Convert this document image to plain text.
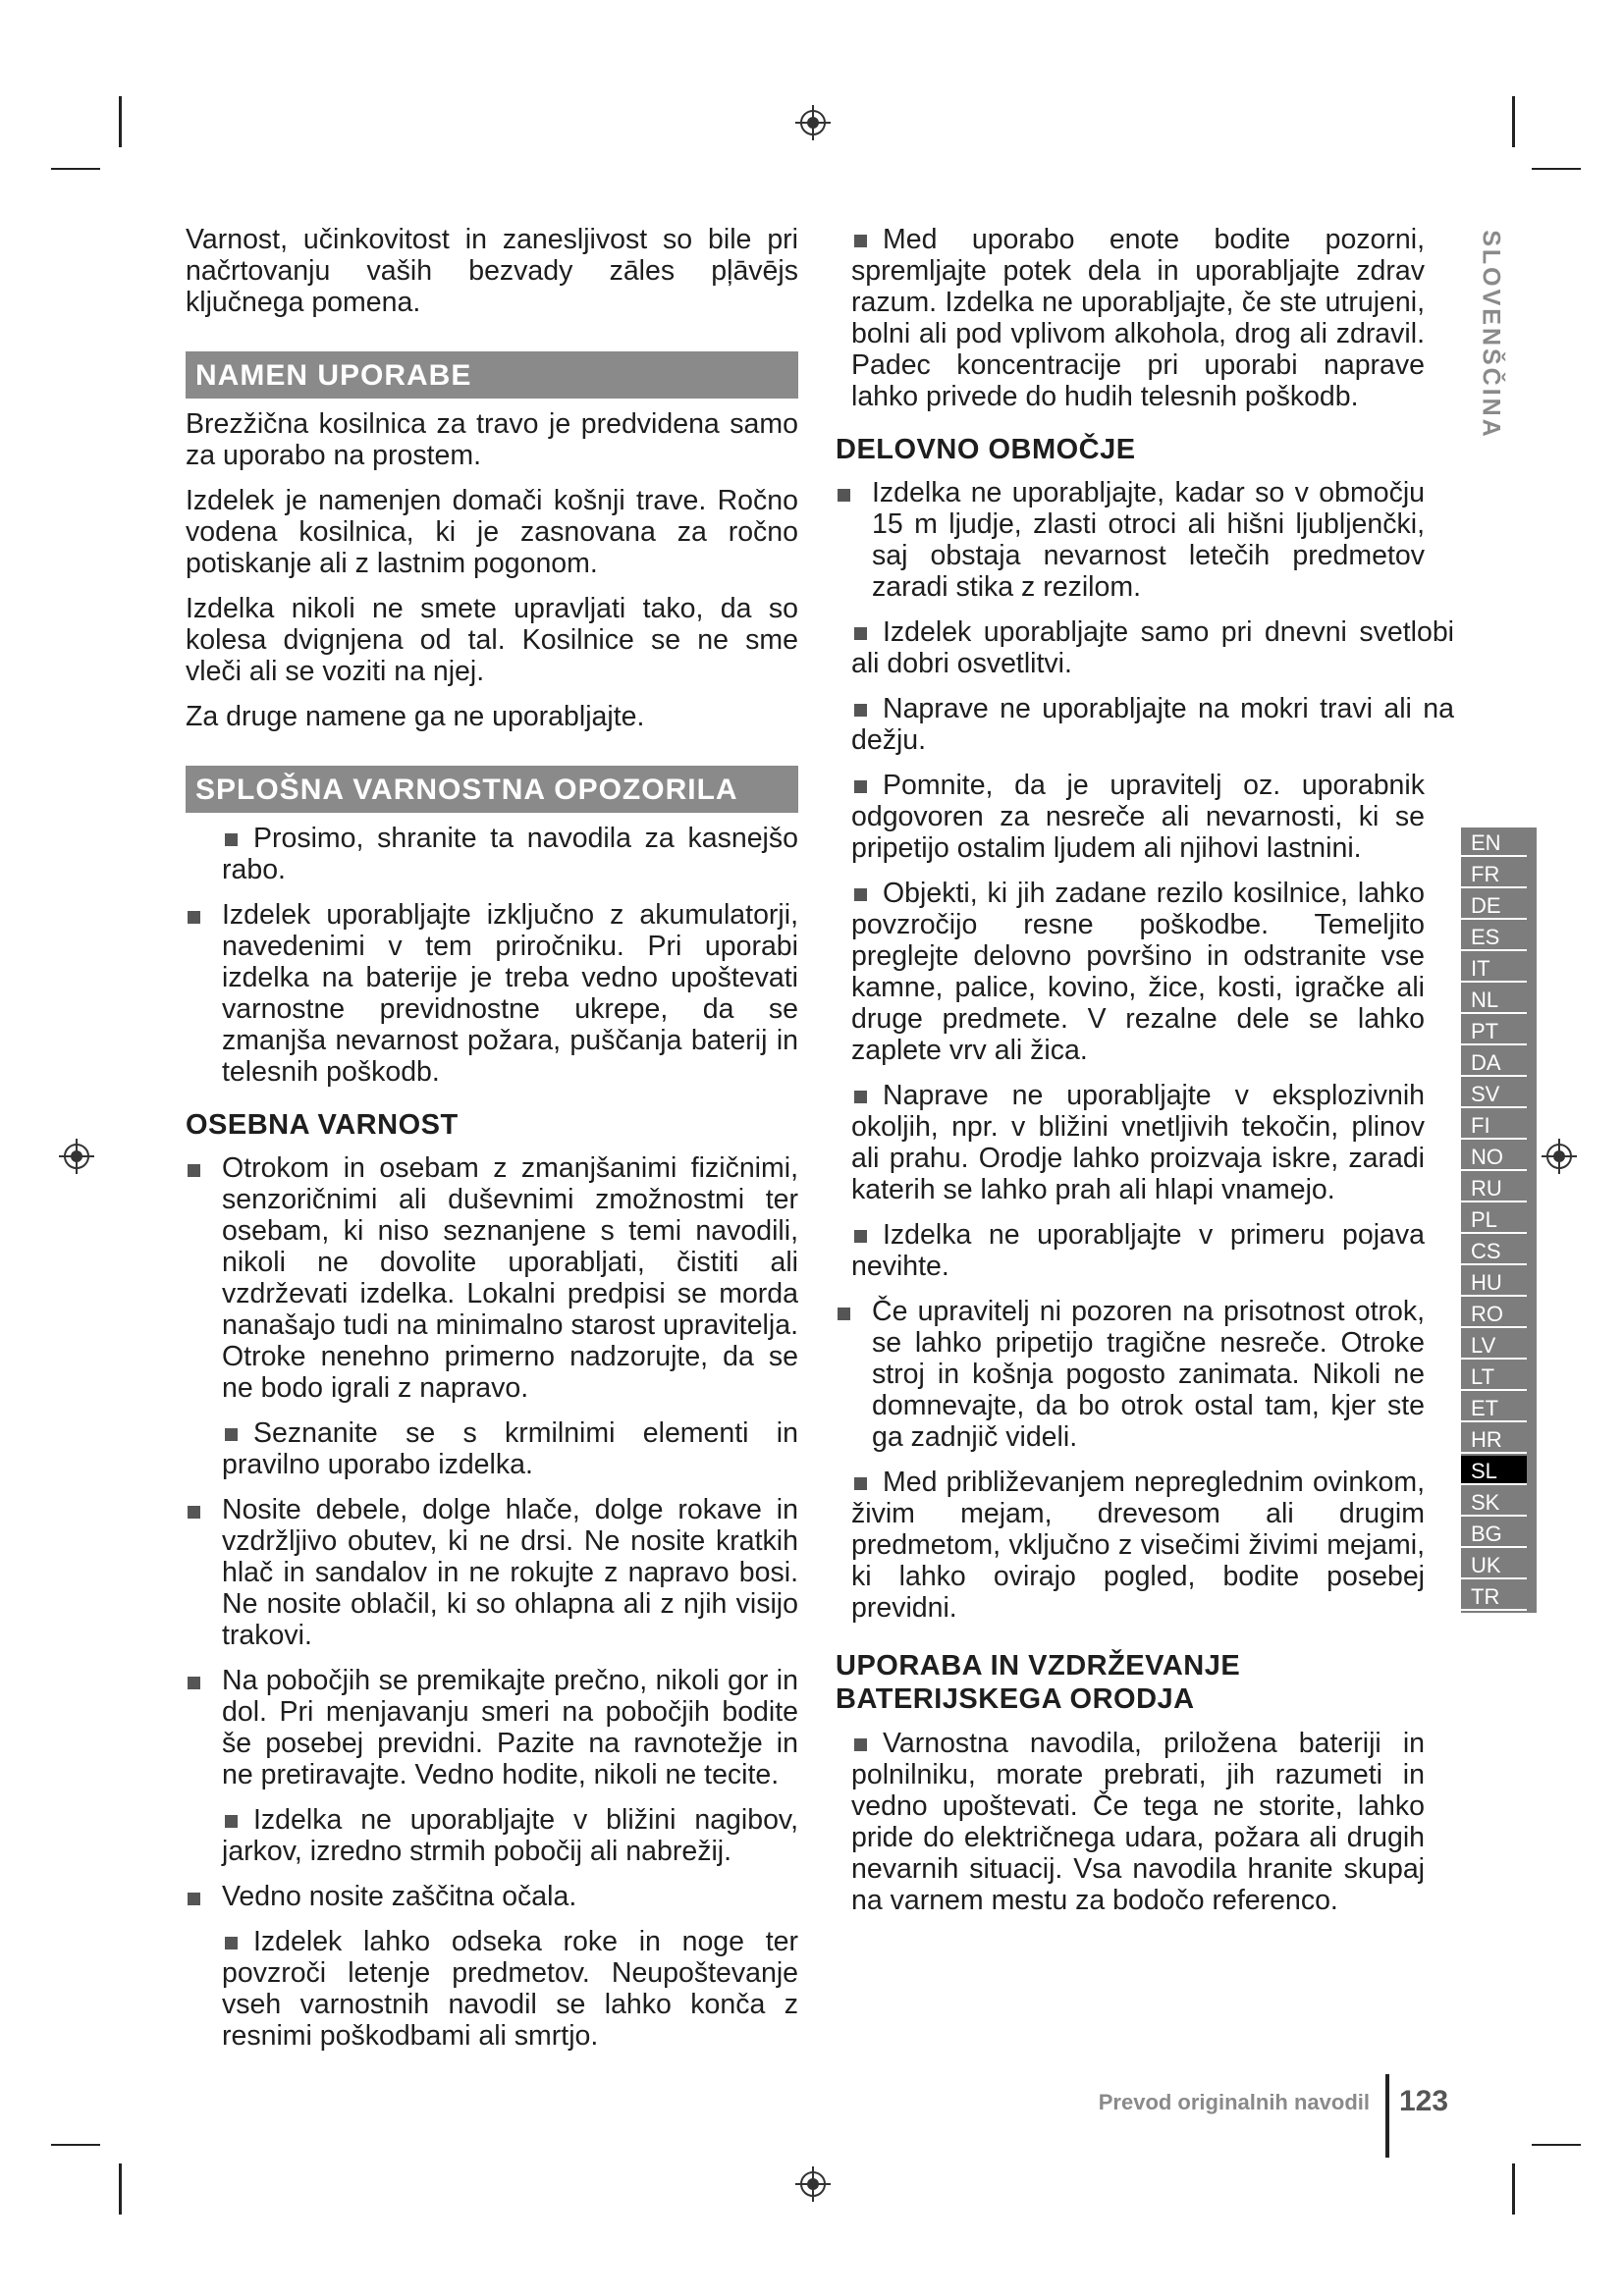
SLOVENŠČINA

Varnost, učinkovitost in zanesljivost so bile pri načrtovanju vaših bezvady zāles pļāvējs ključnega pomena.

NAMEN UPORABE

Brezžična kosilnica za travo je predvidena samo za uporabo na prostem.

Izdelek je namenjen domači košnji trave. Ročno vodena kosilnica, ki je zasnovana za ročno potiskanje ali z lastnim pogonom.

Izdelka nikoli ne smete upravljati tako, da so kolesa dvignjena od tal. Kosilnice se ne sme vleči ali se voziti na njej.

Za druge namene ga ne uporabljajte.

SPLOŠNA VARNOSTNA OPOZORILA
Prosimo, shranite ta navodila za kasnejšo rabo.
Izdelek uporabljajte izključno z akumulatorji, navedenimi v tem priročniku. Pri uporabi izdelka na baterije je treba vedno upoštevati varnostne previdnostne ukrepe, da se zmanjša nevarnost požara, puščanja baterij in telesnih poškodb.
OSEBNA VARNOST
Otrokom in osebam z zmanjšanimi fizičnimi, senzoričnimi ali duševnimi zmožnostmi ter osebam, ki niso seznanjene s temi navodili, nikoli ne dovolite uporabljati, čistiti ali vzdrževati izdelka. Lokalni predpisi se morda nanašajo tudi na minimalno starost upravitelja. Otroke nenehno primerno nadzorujte, da se ne bodo igrali z napravo.
Seznanite se s krmilnimi elementi in pravilno uporabo izdelka.
Nosite debele, dolge hlače, dolge rokave in vzdržljivo obutev, ki ne drsi. Ne nosite kratkih hlač in sandalov in ne rokujte z napravo bosi. Ne nosite oblačil, ki so ohlapna ali z njih visijo trakovi.
Na pobočjih se premikajte prečno, nikoli gor in dol. Pri menjavanju smeri na pobočjih bodite še posebej previdni. Pazite na ravnotežje in ne pretiravajte. Vedno hodite, nikoli ne tecite.
Izdelka ne uporabljajte v bližini nagibov, jarkov, izredno strmih pobočij ali nabrežij.
Vedno nosite zaščitna očala.
Izdelek lahko odseka roke in noge ter povzroči letenje predmetov. Neupoštevanje vseh varnostnih navodil se lahko konča z resnimi poškodbami ali smrtjo.
Med uporabo enote bodite pozorni, spremljajte potek dela in uporabljajte zdrav razum. Izdelka ne uporabljajte, če ste utrujeni, bolni ali pod vplivom alkohola, drog ali zdravil. Padec koncentracije pri uporabi naprave lahko privede do hudih telesnih poškodb.
DELOVNO OBMOČJE
Izdelka ne uporabljajte, kadar so v območju 15 m ljudje, zlasti otroci ali hišni ljubljenčki, saj obstaja nevarnost letečih predmetov zaradi stika z rezilom.
Izdelek uporabljajte samo pri dnevni svetlobi ali dobri osvetlitvi.
Naprave ne uporabljajte na mokri travi ali na dežju.
Pomnite, da je upravitelj oz. uporabnik odgovoren za nesreče ali nevarnosti, ki se pripetijo ostalim ljudem ali njihovi lastnini.
Objekti, ki jih zadane rezilo kosilnice, lahko povzročijo resne poškodbe. Temeljito preglejte delovno površino in odstranite vse kamne, palice, kovino, žice, kosti, igračke ali druge predmete. V rezalne dele se lahko zaplete vrv ali žica.
Naprave ne uporabljajte v eksplozivnih okoljih, npr. v bližini vnetljivih tekočin, plinov ali prahu. Orodje lahko proizvaja iskre, zaradi katerih se lahko prah ali hlapi vnamejo.
Izdelka ne uporabljajte v primeru pojava nevihte.
Če upravitelj ni pozoren na prisotnost otrok, se lahko pripetijo tragične nesreče. Otroke stroj in košnja pogosto zanimata. Nikoli ne domnevajte, da bo otrok ostal tam, kjer ste ga zadnjič videli.
Med približevanjem nepreglednim ovinkom, živim mejam, drevesom ali drugim predmetom, vključno z visečimi živimi mejami, ki lahko ovirajo pogled, bodite posebej previdni.
UPORABA IN VZDRŽEVANJE
BATERIJSKEGA ORODJA
Varnostna navodila, priložena bateriji in polnilniku, morate prebrati, jih razumeti in vedno upoštevati. Če tega ne storite, lahko pride do električnega udara, požara ali drugih nevarnih situacij. Vsa navodila hranite skupaj na varnem mestu za bodočo referenco.
EN
FR
DE
ES
IT
NL
PT
DA
SV
FI
NO
RU
PL
CS
HU
RO
LV
LT
ET
HR
SL
SK
BG
UK
TR
Prevod originalnih navodil 123
